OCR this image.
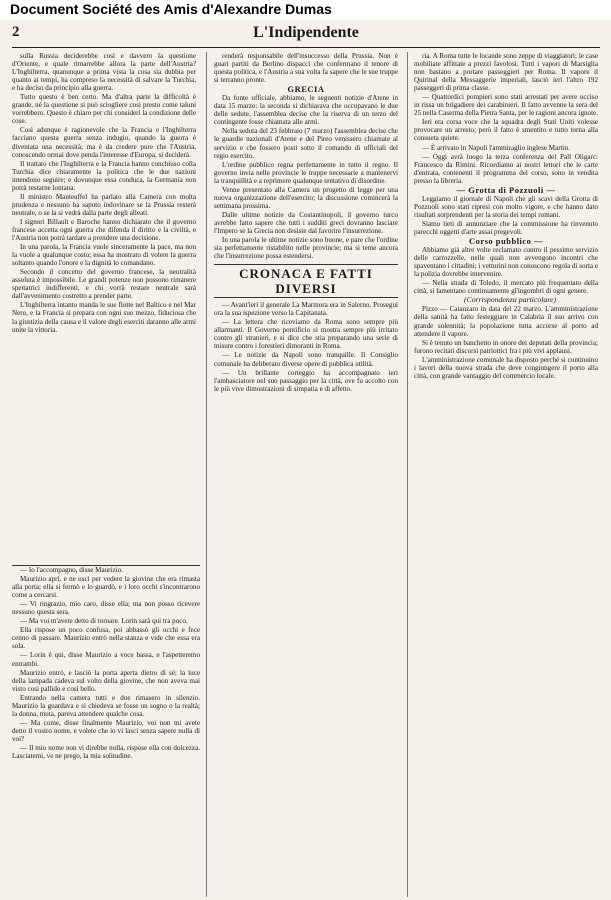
Document Société des Amis d'Alexandre Dumas
2	L'Indipendente

sulla Russia deciderebbe così e davvero la questione d'Oriente, e quale rimarrebbe allora la parte dell'Austria? L'Inghilterra, quanunque a prima vista la cosa sia dubbia per quanto ai tempi, ha compreso la necessità di salvare la Turchia, e ha deciso da principio alla guerra.

Tutto questo è ben certo. Ma d'altra parte la difficoltà è grande, né la questione si può sciogliere cosi presto come taluni vorrebbero. Questo è chiaro per chi consideri la condizione delle cose.

Così adunque è ragionevole che la Francia e l'Inghilterra facciano questa guerra senza indugio, quando la guerra è diventata una necessità; ma è da credere pure che l'Austria, conoscendo ormai dove penda l'interesse d'Europa, si deciderà.

Il trattato che l'Inghilterra e la Francia hanno conchiuso colla Turchia dice chiaramente la politica che le due nazioni intendono seguire; e dovunque essa conduca, la Germania non potrà restarne lontana.

Il ministro Manteuffel ha parlato alla Camera con molta prudenza e nessuno ha saputo indovinare se la Prussia resterà neutrale, o se la si vedrà dalla parte degli alleati.

I signori Billault e Baroche hanno dichiarato che il governo francese accetta ogni guerra che difenda il diritto e la civiltà, e l'Austria non potrà tardare a prendere una decisione.

In una parola, la Francia vuole sinceramente la pace, ma non la vuole a qualunque costo; essa ha mostrato di volere la guerra soltanto quando l'onore e la dignità lo comandano.

Secondo il concetto del governo francese, la neutralità assoluta è impossibile. Le grandi potenze non possono rimanere spettatrici indifferenti, e chi vorrà restare neutrale sarà dall'avvenimento costretto a prender parte.

L'Inghilterra intanto manda le sue flotte nel Baltico e nel Mar Nero, e la Francia si prepara con ogni suo mezzo, fiduciosa che la giustizia della causa e il valore degli eserciti daranno alle armi unite la vittoria.

— Io l'accompagno, disse Maurizio.

Maurizio aprì, e ne uscì per vedere la giovine che era rimasta alla porta; ella si fermò e lo guardò, e i loro occhi s'incontrarono come a cercarsi.

— Vi ringrazio, mio caro, disse ella; ma non posso ricevere nessuno questa sera.

— Ma voi m'avete detto di tornare. Lorin sarà qui tra poco.

Ella rispose un poco confusa, poi abbassò gli occhi e fece cenno di passare. Maurizio entrò nella stanza e vide che essa era sola.

— Lorin è qui, disse Maurizio a voce bassa, e l'aspetteremo entrambi.

Maurizio entrò, e lasciò la porta aperta dietro di sé; la luce della lampada cadeva sul volto della giovine, che non aveva mai visto così pallido e così bello.

Entrando nella camera tutti e due rimasero in silenzio. Maurizio la guardava e si chiedeva se fosse un sogno o la realtà; la donna, muta, pareva attendere qualche cosa.

— Ma come, disse finalmente Maurizio, voi non mi avete detto il vostro nome, e volete che io vi lasci senza sapere nulla di voi?

— Il mio nome non vi direbbe nulla, rispose ella con dolcezza. Lasciatemi, ve ne prego, la mia solitudine.

renderà responsabile dell'insuccesso della Prussia. Non è guari partiti da Berlino dispacci che confermano il tenore di questa politica, e l'Austria a sua volta fa sapere che le sue truppe si terranno pronte.

GRECIA

Da fonte ufficiale, abbiamo, le seguenti notizie d'Atene in data 15 marzo: la seconda si dichiarava che occupavano le due delle sedute, l'assemblea decise che la riserva di un terzo del contingente fosse chiamata alle armi.

Nella seduta del 23 febbraio (7 marzo) l'assemblea decise che le guardie nazionali d'Atene e del Pireo venissero chiamate al servizio e che fossero posti sotto il comando di ufficiali del regio esercito.

L'ordine pubblico regna perfettamente in tutto il regno. Il governo invia nelle provincie le truppe necessarie a mantenervi la tranquillità e a reprimere qualunque tentativo di disordine.

Venne presentato alla Camera un progetto di legge per una nuova organizzazione dell'esercito; la discussione comincerà la settimana prossima.

Dalle ultime notizie da Costantinopoli, il governo turco avrebbe fatto sapere che tutti i sudditi greci dovranno lasciare l'Impero se la Grecia non desiste dal favorire l'insurrezione.

In una parola le ultime notizie sono buone, e pare che l'ordine sia perfettamente ristabilito nelle provincie; ma si teme ancora che l'insurrezione possa estendersi.

CRONACA E FATTI DIVERSI

— Avant'ieri il generale La Marmora era in Salerno. Proseguì ora la sua ispezione verso la Capitanata.

— La lettera che riceviamo da Roma sono sempre più allarmanti. Il Governo pontificio si mostra sempre più irritato contro gli stranieri, e si dice che stia preparando una serie di misure contro i forestieri dimoranti in Roma.

— Le notizie da Napoli sono tranquille. Il Consiglio comunale ha deliberato diverse opere di pubblica utilità.

— Un brillante corteggio ha accompagnato ieri l'ambasciatore nel suo passaggio per la città, ove fu accolto con le più vive dimostrazioni di simpatia e di affetto.

ria. A Roma tutte le locande sono zeppe di viaggiatori; le case mobiliate affittate a prezzi favolosi. Tutti i vapori di Marsiglia non bastano a portare passeggieri per Roma. Il vapore il Quirinal della Messaggerie imperiali, lasciò ieri l'altro 192 passeggeri di prima classe.

— Quattordici pompieri sono stati arrestati per avere ucciso in rissa un brigadiere dei carabinieri. Il fatto avvenne la sera del 25 nella Caserma della Pietra Santa, per le ragioni ancora ignote.

Ieri era corsa voce che la squadra degli Stati Uniti volesse provocare un arresto; però il fatto è smentito e tutto torna alla consueta quiete.

— È arrivato in Napoli l'ammiraglio inglese Martin.

— Oggi avrà luogo la terza conferenza del Pall Oligarc: Francesco da Rimini. Ricordiamo ai nostri lettori che le carte d'entrata, contenenti il programma del corso, sono in vendita presso la libreria.

— Grotta di Pozzuoli —

Leggiamo il giornale di Napoli che gli scavi della Grotta di Pozzuoli sono stati ripresi con molto vigore, e che hanno dato risultati sorprendenti per la storia dei tempi romani.

Siamo lieti di annunziare che la commissione ha rinvenuto parecchi oggetti d'arte assai pregevoli.

Corso pubblico —

Abbiamo già altre volte reclamato contro il pessimo servizio delle carrozzelle, nelle quali non avvengono incontri che spaventano i cittadini; i vetturini non conoscono regola di sorta e la polizia dovrebbe intervenire.

— Nella strada di Toledo, il mercato più frequentato della città, si lamentano continuamente gl'ingombri di ogni genere.

(Corrispondenza particolare)

Pizzo — Catanzaro in data del 22 marzo. L'amministrazione della sanità ha fatto festeggiare in Calabria il suo arrivo con grande solennità; la popolazione tutta accorse al porto ad attendere il vapore.

Si è tenuto un banchetto in onore dei deputati della provincia; furono recitati discorsi patriottici fra i più vivi applausi.

L'amministrazione comunale ha disposto perché si continuino i lavori della nuova strada che deve congiungere il porto alla città, con grande vantaggio del commercio locale.
